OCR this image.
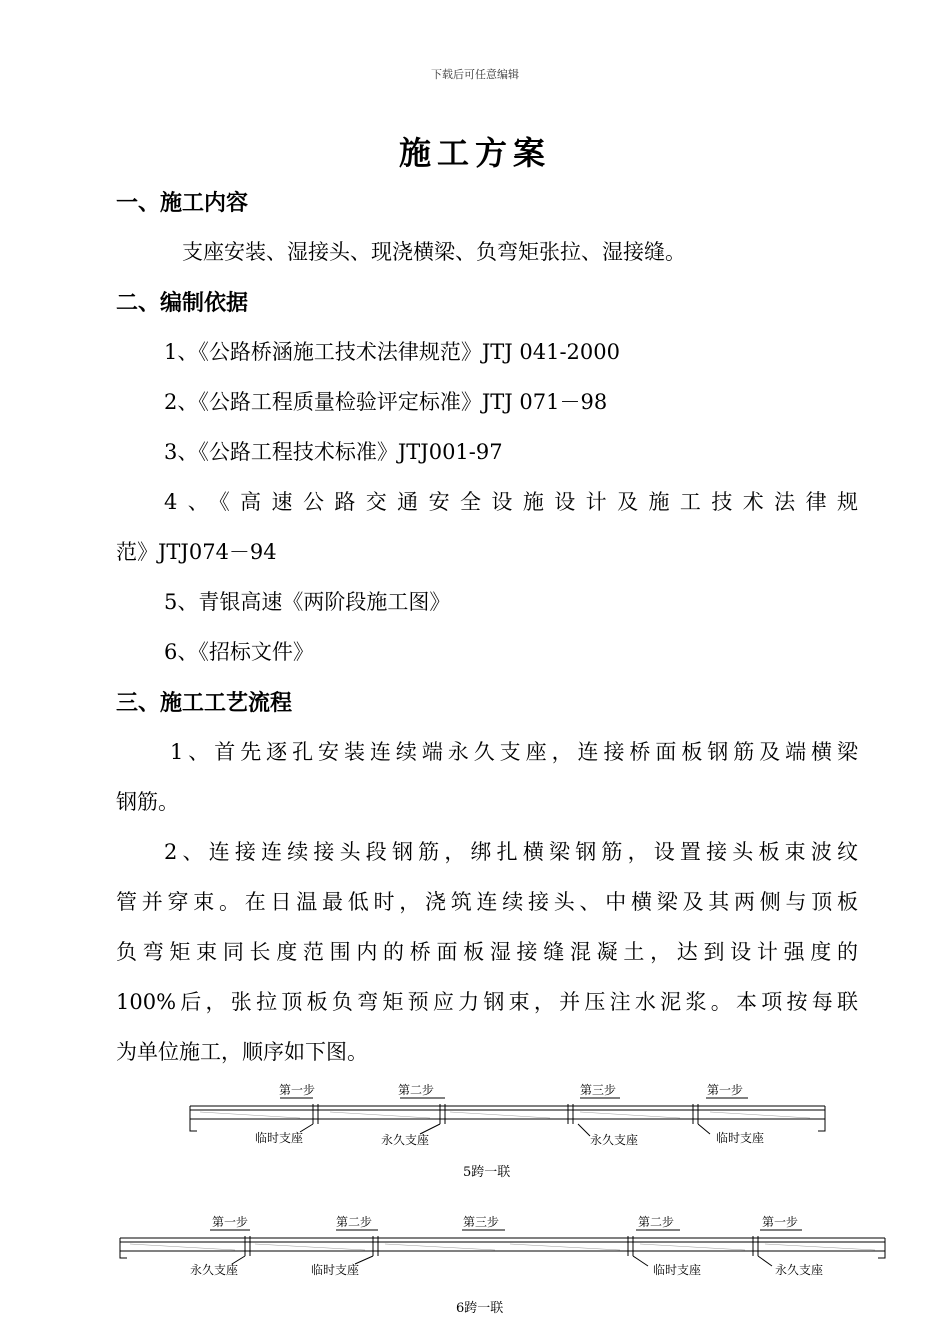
下载后可任意编辑
施工方案
一、施工内容
支座安装、湿接头、现浇横梁、负弯矩张拉、湿接缝。
二、编制依据
1、《公路桥涵施工技术法律规范》JTJ 041-2000
2、《公路工程质量检验评定标准》JTJ 071－98
3、《公路工程技术标准》JTJ001-97
4、《高速公路交通安全设施设计及施工技术法律规
范》JTJ074－94
5、青银高速《两阶段施工图》
6、《招标文件》
三、施工工艺流程
1、首先逐孔安装连续端永久支座，连接桥面板钢筋及端横梁
钢筋。
2、连接连续接头段钢筋，绑扎横梁钢筋，设置接头板束波纹
管并穿束。在日温最低时，浇筑连续接头、中横梁及其两侧与顶板
负弯矩束同长度范围内的桥面板湿接缝混凝土，达到设计强度的
100%后，张拉顶板负弯矩预应力钢束，并压注水泥浆。本项按每联
为单位施工，顺序如下图。
第一步	第二步	第三步	第一步
临时支座	永久支座	永久支座	临时支座
5跨一联
第一步	第二步	第三步	第二步	第一步
永久支座	临时支座	临时支座	永久支座
6跨一联
